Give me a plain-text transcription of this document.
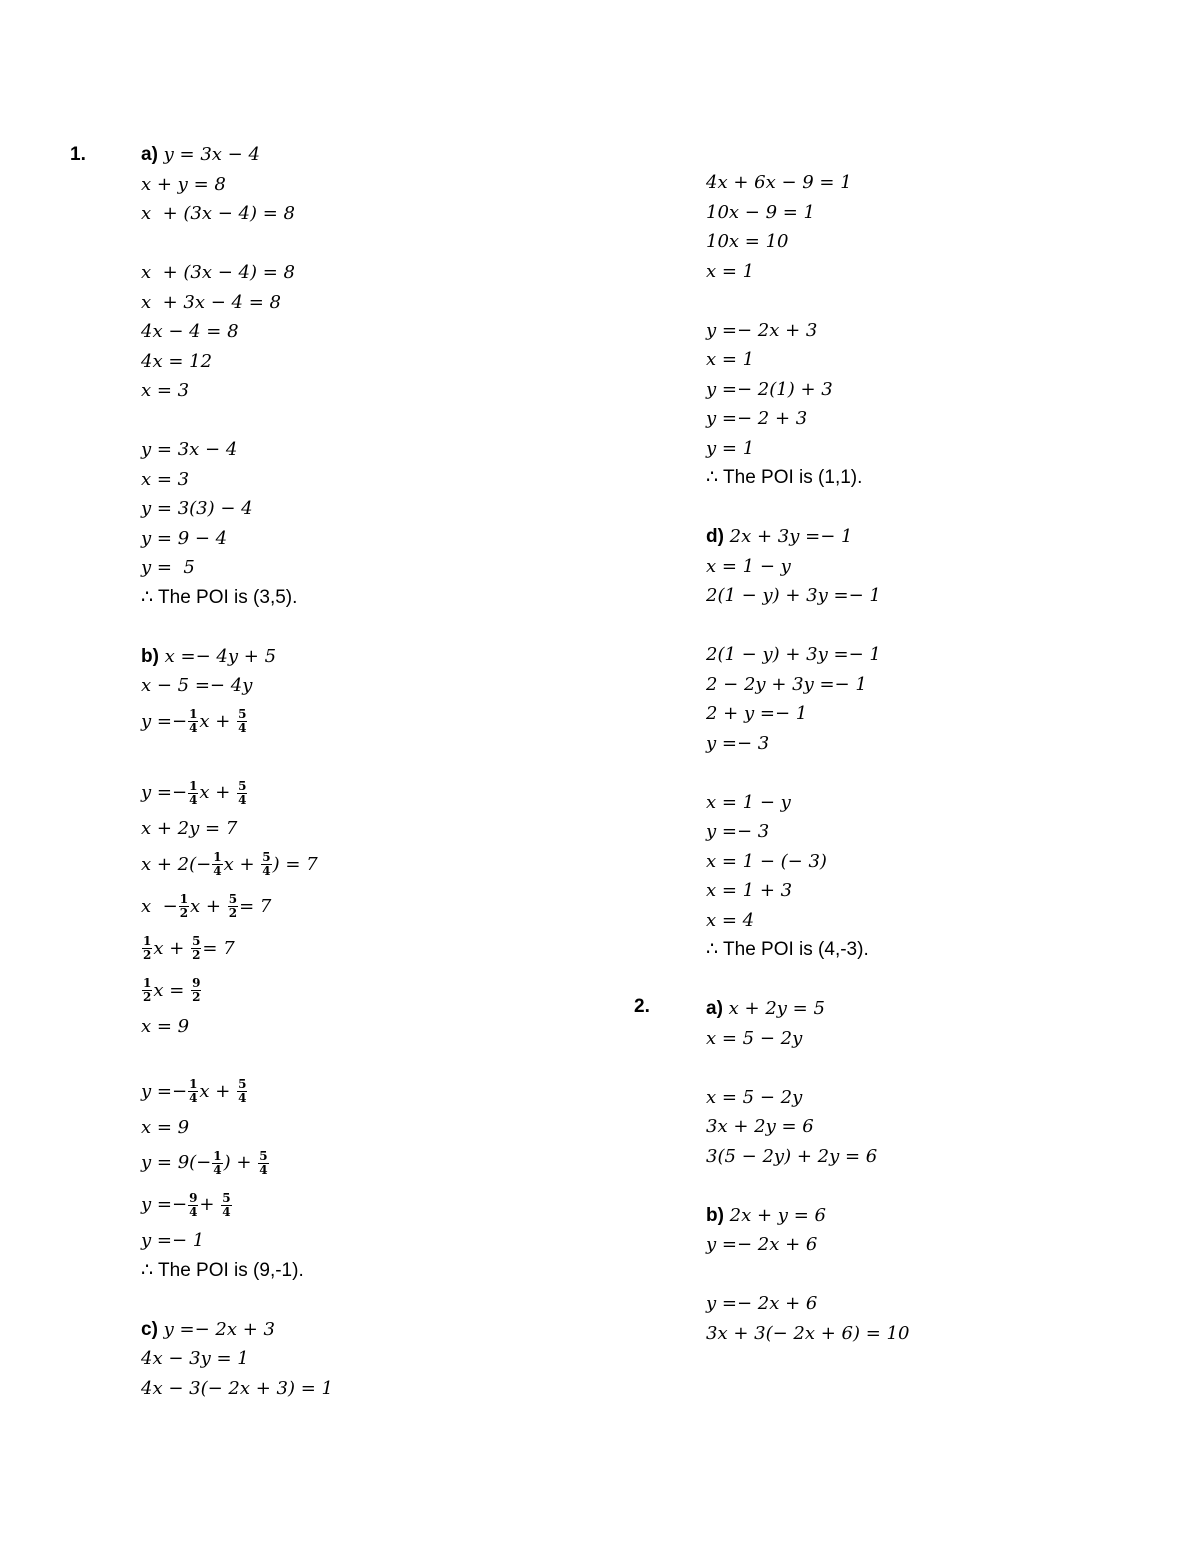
1.	a) y = 3x − 4
x + y = 8
x  + (3x − 4) = 8
x  + (3x − 4) = 8
x  + 3x − 4 = 8
4x − 4 = 8
4x = 12
x = 3
y = 3x − 4
x = 3
y = 3(3) − 4
y = 9 − 4
y =  5
∴ The POI is (3,5).
b) x =− 4y + 5
x − 5 =− 4y
$y =- \frac{1}{4}$ $x + \frac{5}{4}$
$y =- \frac{1}{4}$ $x + \frac{5}{4}$
x + 2y = 7
$x + 2(- \frac{1}{4}$ $x + \frac{5}{4}$ ) = 7
$x - \frac{1}{2}$ $x + \frac{5}{2} = 7$
$\frac{1}{2}$ $x + \frac{5}{2} = 7$
$\frac{1}{2}$ $x = \frac{9}{2}$
x = 9
$y =- \frac{1}{4}$ $x + \frac{5}{4}$
x = 9
$y = 9(- \frac{1}{4}$ ) + $\frac{5}{4}$
$y =- \frac{9}{4} + \frac{5}{4}$
y =− 1
∴ The POI is (9,-1).
c) y =− 2x + 3
4x − 3y = 1
4x − 3(− 2x + 3) = 1
4x + 6x − 9 = 1
10x − 9 = 1
10x = 10
x = 1
y =− 2x + 3
x = 1
y =− 2(1) + 3
y =− 2 + 3
y = 1
∴ The POI is (1,1).
d) 2x + 3y =− 1
x = 1 − y
2(1 − y) + 3y =− 1
2(1 − y) + 3y =− 1
2 − 2y + 3y =− 1
2 + y =− 1
y =− 3
x = 1 − y
y =− 3
x = 1 − (− 3)
x = 1 + 3
x = 4
∴ The POI is (4,-3).
a) x + 2y = 5
x = 5 − 2y
x = 5 − 2y
3x + 2y = 6
3(5 − 2y) + 2y = 6
b) 2x + y = 6
y =− 2x + 6
y =− 2x + 6
3x + 3(− 2x + 6) = 10
2.
